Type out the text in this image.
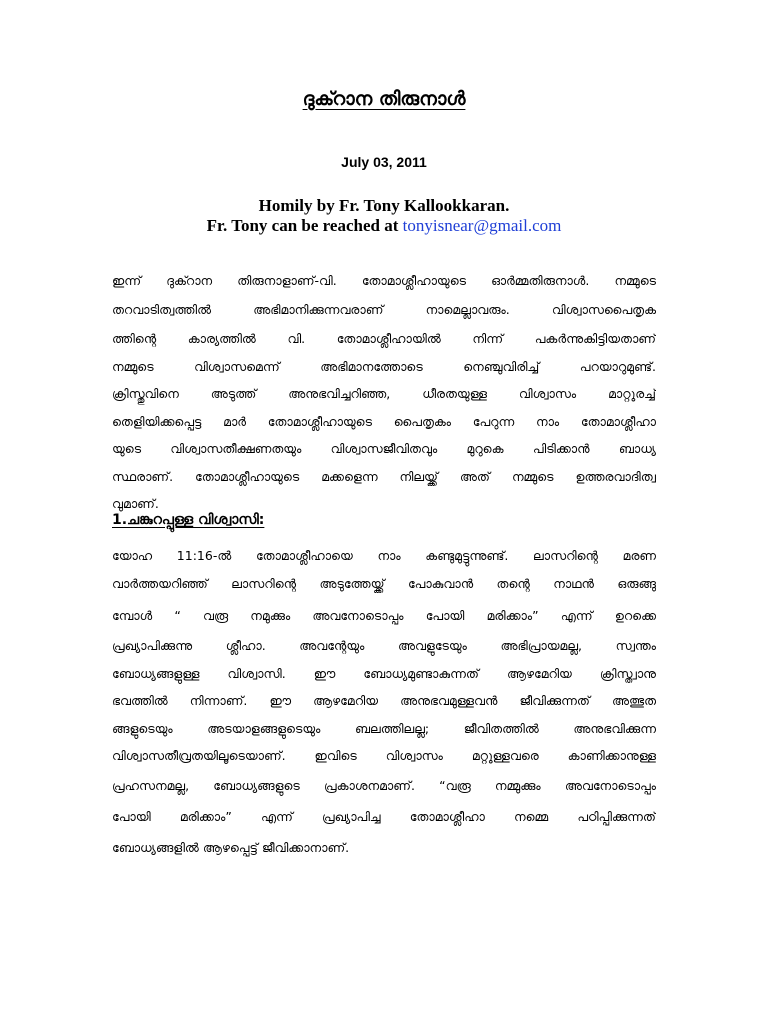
ദുക്റാന തിരുനാൾ
July 03, 2011
Homily by Fr. Tony Kallookkaran.
Fr. Tony can be reached at tonyisnear@gmail.com
ഇന്ന് ദുക്റാന തിരുനാളാണ്-വി. തോമാശ്ലീഹായുടെ ഓർമ്മതിരുനാൾ. നമ്മുടെ
തറവാടിത്വത്തിൽ അഭിമാനിക്കുന്നവരാണ് നാമെല്ലാവരും. വിശ്വാസപൈതൃക
ത്തിന്റെ കാര്യത്തിൽ വി. തോമാശ്ലീഹായിൽ നിന്ന് പകർന്നുകിട്ടിയതാണ്
നമ്മുടെ വിശ്വാസമെന്ന് അഭിമാനത്തോടെ നെഞ്ചുവിരിച്ച് പറയാറുമുണ്ട്.
ക്രിസ്തുവിനെ അടുത്ത് അനുഭവിച്ചറിഞ്ഞ, ധീരതയുള്ള വിശ്വാസം മാറ്റുരച്ച്
തെളിയിക്കപ്പെട്ട മാർ തോമാശ്ലീഹായുടെ പൈതൃകം പേറുന്ന നാം തോമാശ്ലീഹാ
യുടെ വിശ്വാസതീക്ഷണതയും വിശ്വാസജീവിതവും മുറുകെ പിടിക്കാൻ ബാധ്യ
സ്ഥരാണ്. തോമാശ്ലീഹായുടെ മക്കളെന്ന നിലയ്ക്ക് അത് നമ്മുടെ ഉത്തരവാദിത്വ
വുമാണ്.
1.ചങ്കുറപ്പുള്ള വിശ്വാസി:
യോഹ 11:16-ൽ തോമാശ്ലീഹായെ നാം കണ്ടുമുട്ടുന്നുണ്ട്. ലാസറിന്റെ മരണ
വാർത്തയറിഞ്ഞ് ലാസറിന്റെ അടുത്തേയ്ക്ക് പോകുവാൻ തന്റെ നാഥൻ ഒരുങ്ങു
മ്പോൾ “ വരൂ നമുക്കും അവനോടൊപ്പം പോയി മരിക്കാം” എന്ന് ഉറക്കെ
പ്രഖ്യാപിക്കുന്നു ശ്ലീഹാ. അവന്റേയും അവളുടേയും അഭിപ്രായമല്ല, സ്വന്തം
ബോധ്യങ്ങളുള്ള വിശ്വാസി. ഈ ബോധ്യമുണ്ടാകുന്നത് ആഴമേറിയ ക്രിസ്ത്വാനു
ഭവത്തിൽ നിന്നാണ്. ഈ ആഴമേറിയ അനുഭവമുള്ളവൻ ജീവിക്കുന്നത് അത്ഭുത
ങ്ങളുടെയും അടയാളങ്ങളുടെയും ബലത്തിലല്ല; ജീവിതത്തിൽ അനുഭവിക്കുന്ന
വിശ്വാസതീവ്രതയിലൂടെയാണ്. ഇവിടെ വിശ്വാസം മറ്റുള്ളവരെ കാണിക്കാനുള്ള
പ്രഹസനമല്ല, ബോധ്യങ്ങളുടെ പ്രകാശനമാണ്. “വരൂ നമ്മുക്കും അവനോടൊപ്പം
പോയി മരിക്കാം” എന്ന് പ്രഖ്യാപിച്ച തോമാശ്ലീഹാ നമ്മെ പഠിപ്പിക്കുന്നത്
ബോധ്യങ്ങളിൽ ആഴപ്പെട്ട് ജീവിക്കാനാണ്.
